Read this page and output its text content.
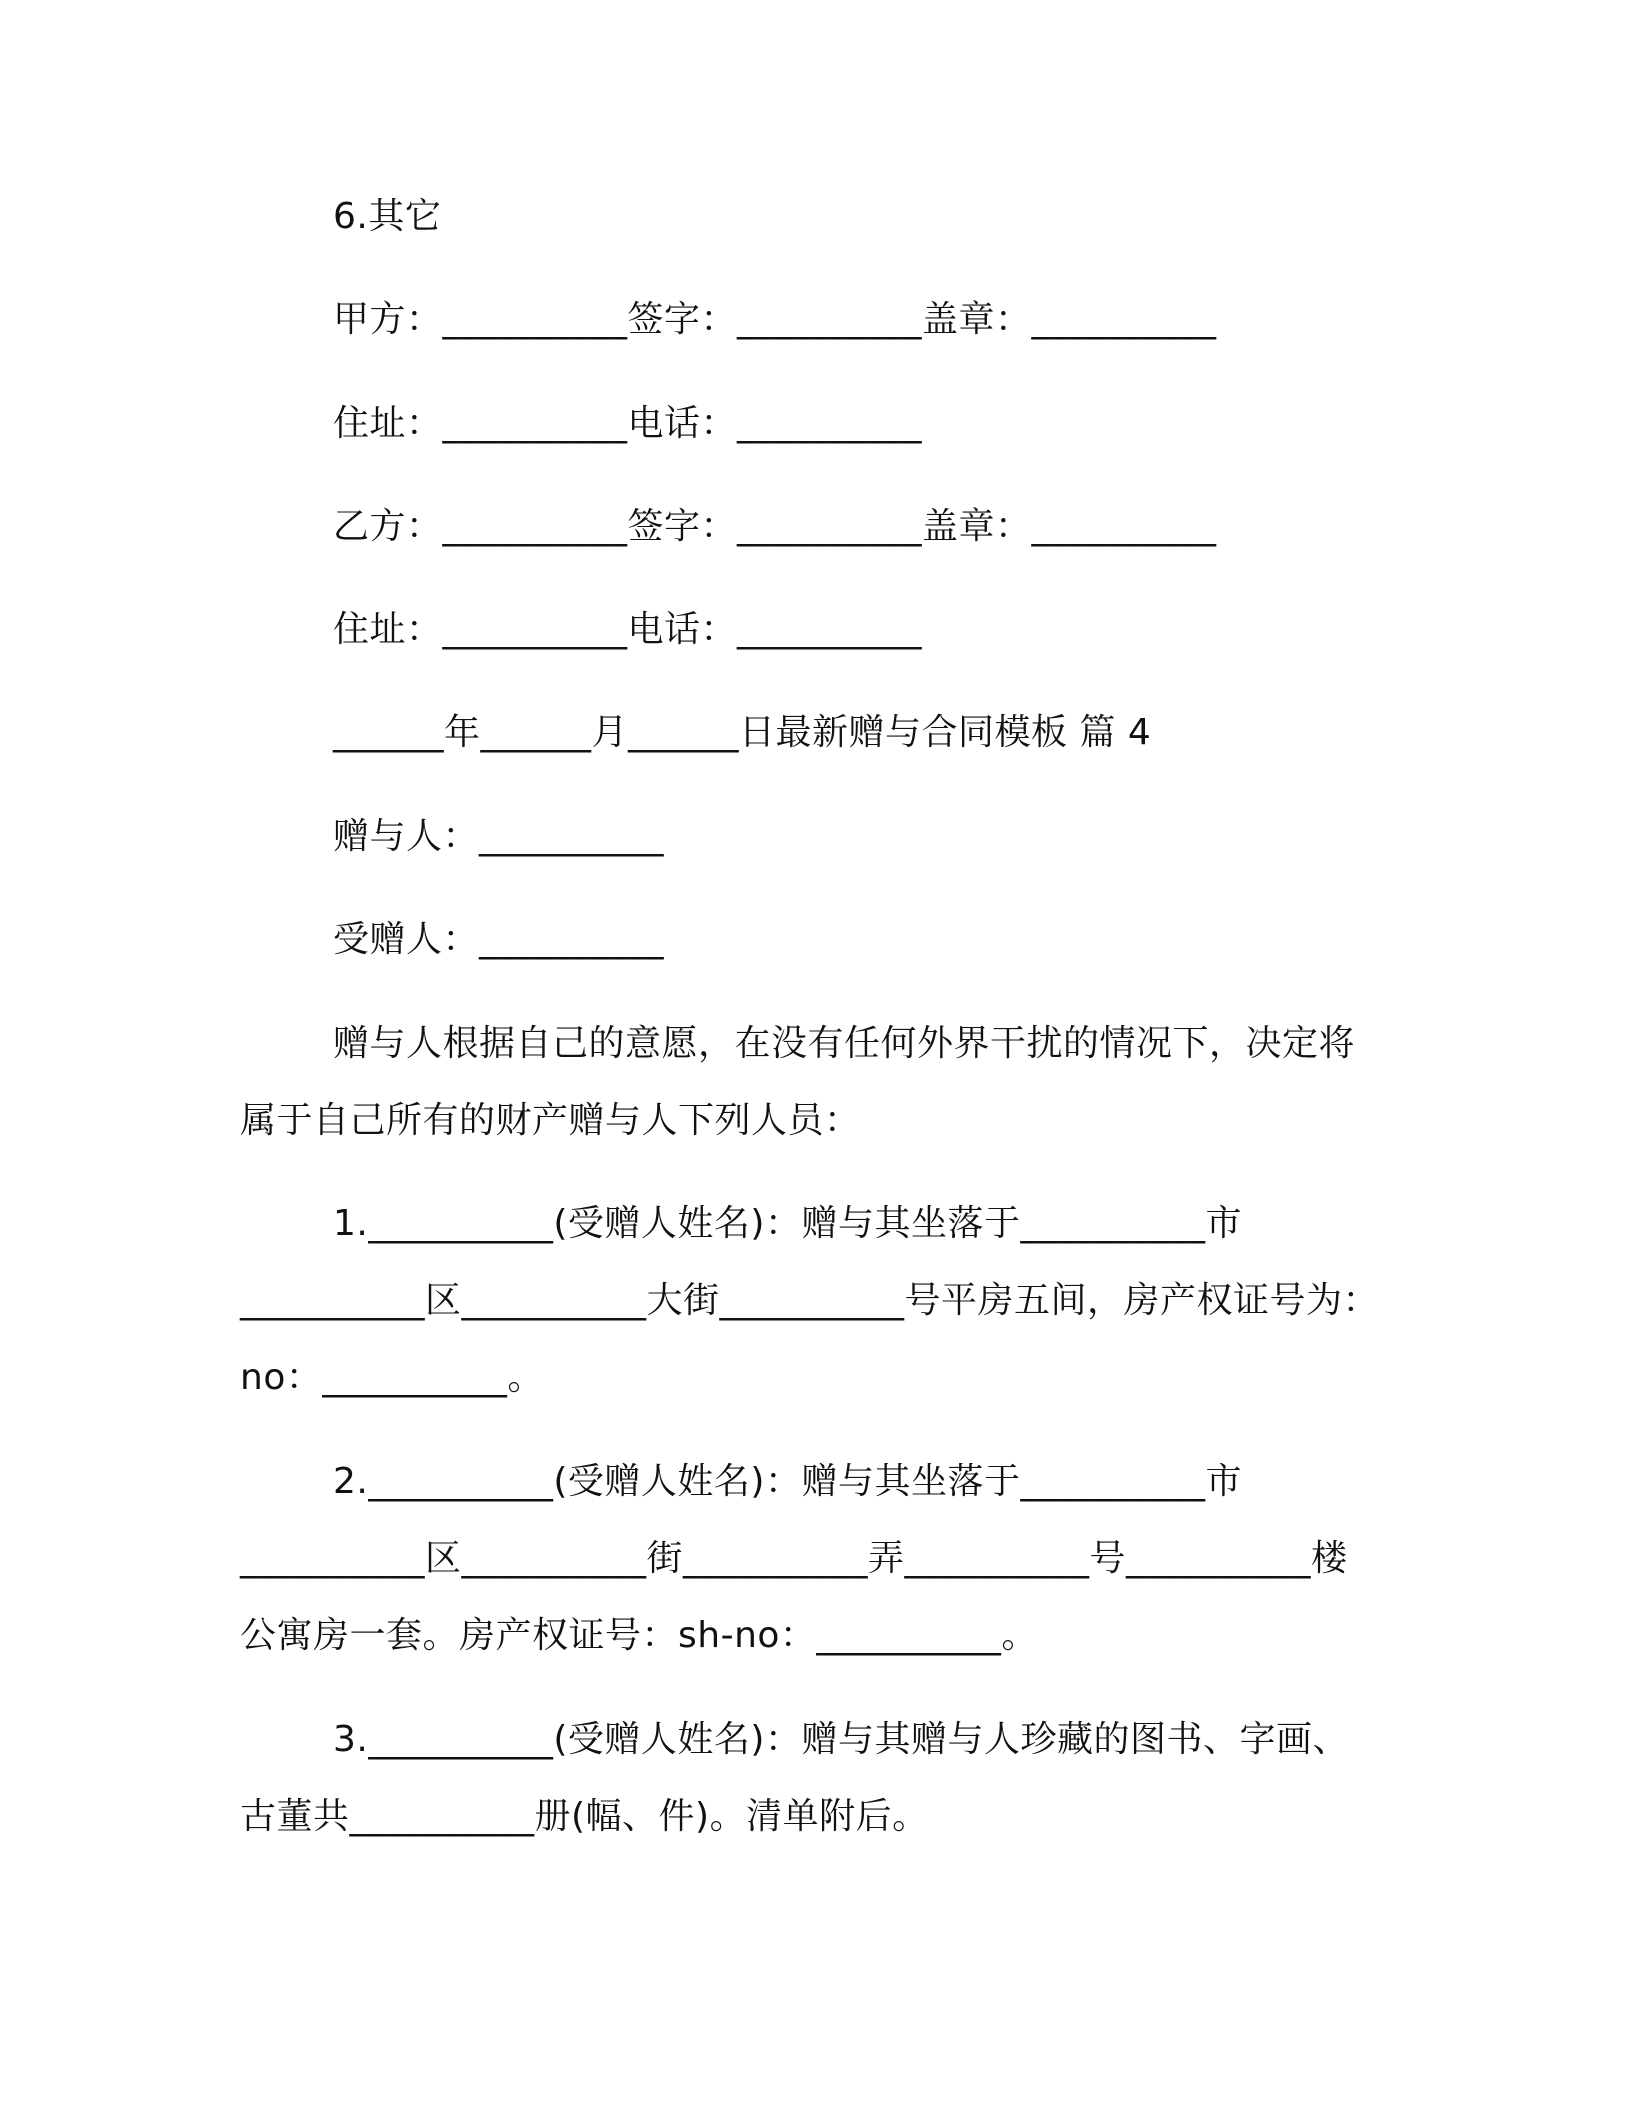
6.其它
甲方：__________签字：__________盖章：__________
住址：__________电话：__________
乙方：__________签字：__________盖章：__________
住址：__________电话：__________
______年______月______日最新赠与合同模板 篇 4
赠与人：__________
受赠人：__________
赠与人根据自己的意愿，在没有任何外界干扰的情况下，决定将
属于自己所有的财产赠与人下列人员：
1.__________(受赠人姓名)：赠与其坐落于__________市
__________区__________大街__________号平房五间，房产权证号为：
no：__________。
2.__________(受赠人姓名)：赠与其坐落于__________市
__________区__________街__________弄__________号__________楼
公寓房一套。房产权证号：sh-no：__________。
3.__________(受赠人姓名)：赠与其赠与人珍藏的图书、字画、
古董共__________册(幅、件)。清单附后。
